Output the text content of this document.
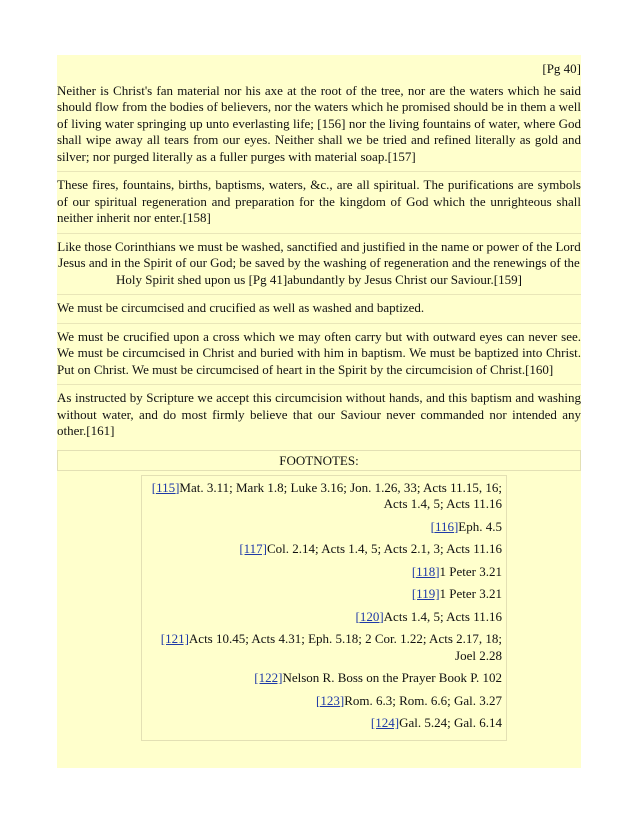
[Pg 40]

Neither is Christ's fan material nor his axe at the root of the tree, nor are the waters which he said should flow from the bodies of believers, nor the waters which he promised should be in them a well of living water springing up unto everlasting life; [156] nor the living fountains of water, where God shall wipe away all tears from our eyes. Neither shall we be tried and refined literally as gold and silver; nor purged literally as a fuller purges with material soap.[157]

These fires, fountains, births, baptisms, waters, &c., are all spiritual. The purifications are symbols of our spiritual regeneration and preparation for the kingdom of God which the unrighteous shall neither inherit nor enter.[158]

Like those Corinthians we must be washed, sanctified and justified in the name or power of the Lord Jesus and in the Spirit of our God; be saved by the washing of regeneration and the renewings of the Holy Spirit shed upon us [Pg 41]abundantly by Jesus Christ our Saviour.[159]

We must be circumcised and crucified as well as washed and baptized.

We must be crucified upon a cross which we may often carry but with outward eyes can never see. We must be circumcised in Christ and buried with him in baptism. We must be baptized into Christ. Put on Christ. We must be circumcised of heart in the Spirit by the circumcision of Christ.[160]

As instructed by Scripture we accept this circumcision without hands, and this baptism and washing without water, and do most firmly believe that our Saviour never commanded nor intended any other.[161]

FOOTNOTES:
[115]Mat. 3.11; Mark 1.8; Luke 3.16; Jon. 1.26, 33; Acts 11.15, 16; Acts 1.4, 5; Acts 11.16
[116]Eph. 4.5
[117]Col. 2.14; Acts 1.4, 5; Acts 2.1, 3; Acts 11.16
[118]1 Peter 3.21
[119]1 Peter 3.21
[120]Acts 1.4, 5; Acts 11.16
[121]Acts 10.45; Acts 4.31; Eph. 5.18; 2 Cor. 1.22; Acts 2.17, 18; Joel 2.28
[122]Nelson R. Boss on the Prayer Book P. 102
[123]Rom. 6.3; Rom. 6.6; Gal. 3.27
[124]Gal. 5.24; Gal. 6.14
